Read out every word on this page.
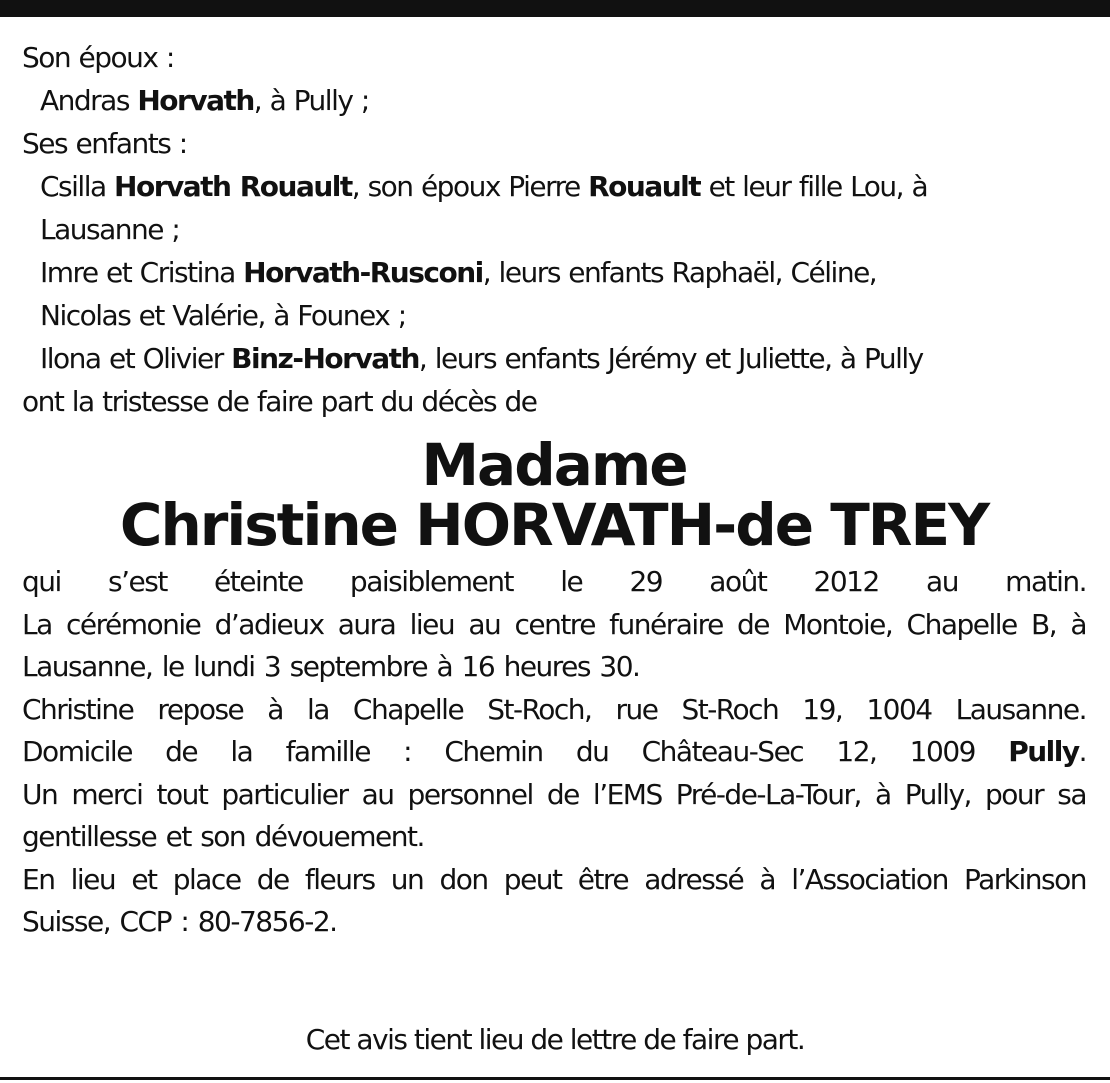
Son époux :
Andras Horvath, à Pully ;
Ses enfants :
Csilla Horvath Rouault, son époux Pierre Rouault et leur fille Lou, à
Lausanne ;
Imre et Cristina Horvath-Rusconi, leurs enfants Raphaël, Céline,
Nicolas et Valérie, à Founex ;
Ilona et Olivier Binz-Horvath, leurs enfants Jérémy et Juliette, à Pully
ont la tristesse de faire part du décès de
Madame
Christine HORVATH-de TREY
qui s’est éteinte paisiblement le 29 août 2012 au matin.
La cérémonie d’adieux aura lieu au centre funéraire de Montoie, Chapelle B, à Lausanne, le lundi 3 septembre à 16 heures 30.
Christine repose à la Chapelle St-Roch, rue St-Roch 19, 1004 Lausanne.
Domicile de la famille : Chemin du Château-Sec 12, 1009 Pully.
Un merci tout particulier au personnel de l’EMS Pré-de-La-Tour, à Pully, pour sa gentillesse et son dévouement.
En lieu et place de fleurs un don peut être adressé à l’Association Parkinson Suisse, CCP : 80-7856-2.
Cet avis tient lieu de lettre de faire part.
